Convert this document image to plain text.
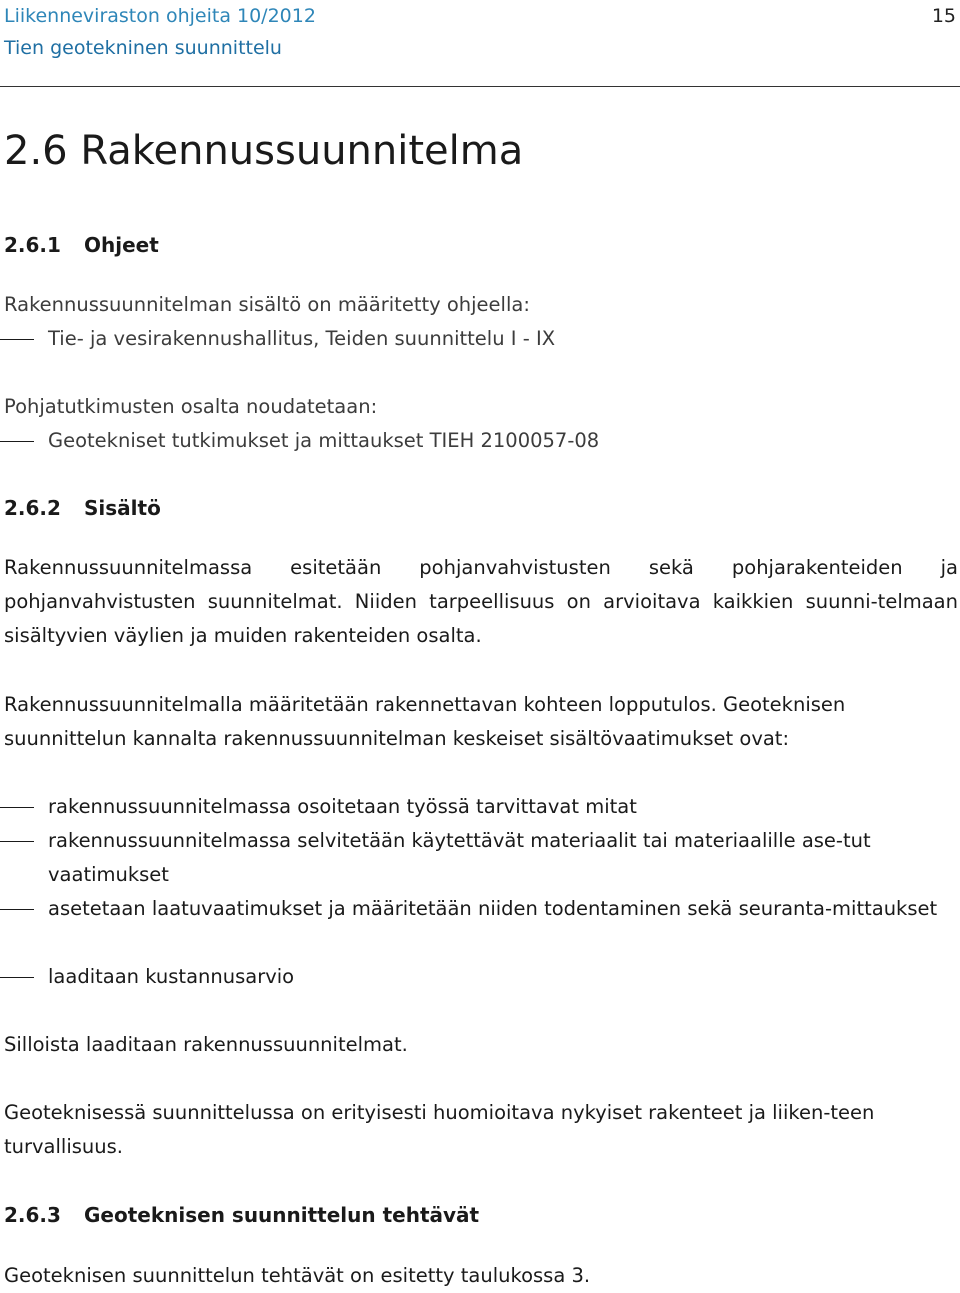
Liikenneviraston ohjeita 10/2012
Tien geotekninen suunnittelu
15
2.6 Rakennussuunnitelma
2.6.1 Ohjeet
Rakennussuunnitelman sisältö on määritetty ohjeella:
Tie- ja vesirakennushallitus, Teiden suunnittelu I - IX
Pohjatutkimusten osalta noudatetaan:
Geotekniset tutkimukset ja mittaukset TIEH 2100057-08
2.6.2 Sisältö

Rakennussuunnitelmassa esitetään pohjanvahvistusten sekä pohjarakenteiden ja pohjanvahvistusten suunnitelmat. Niiden tarpeellisuus on arvioitava kaikkien suunni-telmaan sisältyvien väylien ja muiden rakenteiden osalta.

Rakennussuunnitelmalla määritetään rakennettavan kohteen lopputulos. Geoteknisen suunnittelun kannalta rakennussuunnitelman keskeiset sisältövaatimukset ovat:

rakennussuunnitelmassa osoitetaan työssä tarvittavat mitat
rakennussuunnitelmassa selvitetään käytettävät materiaalit tai materiaalille ase-tut vaatimukset
asetetaan laatuvaatimukset ja määritetään niiden todentaminen sekä seuranta-mittaukset
laaditaan kustannusarvio
Silloista laaditaan rakennussuunnitelmat.

Geoteknisessä suunnittelussa on erityisesti huomioitava nykyiset rakenteet ja liiken-teen turvallisuus.

2.6.3 Geoteknisen suunnittelun tehtävät
Geoteknisen suunnittelun tehtävät on esitetty taulukossa 3.
